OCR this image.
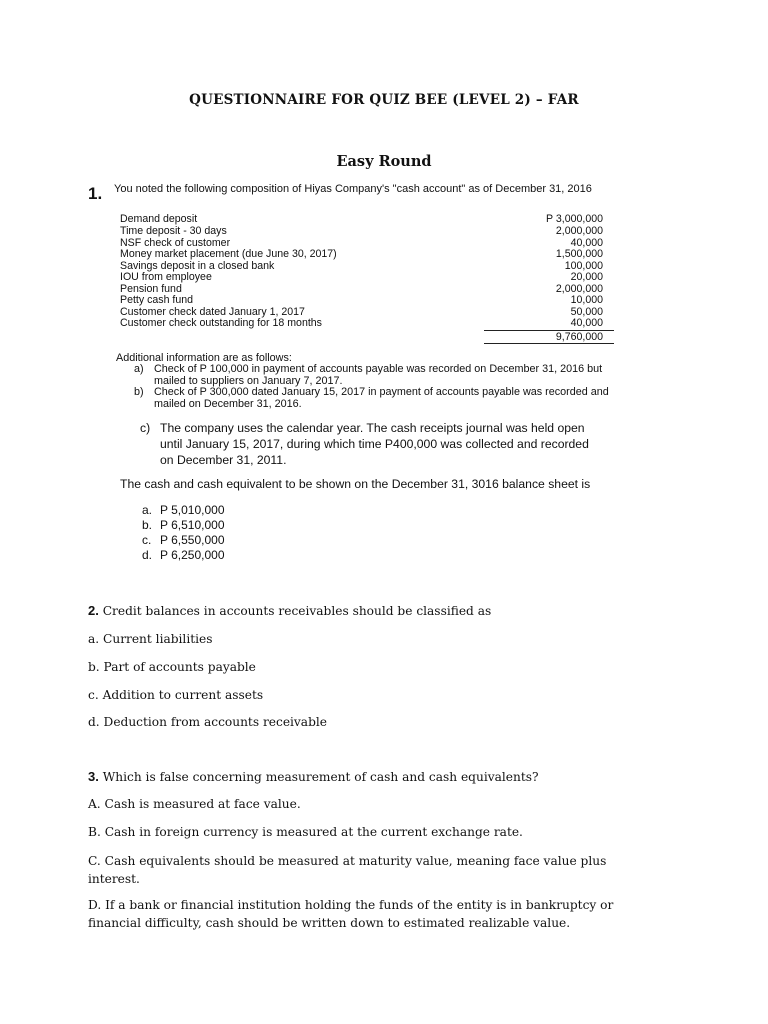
QUESTIONNAIRE FOR QUIZ BEE (LEVEL 2) – FAR
Easy Round
1. You noted the following composition of Hiyas Company's "cash account" as of December 31, 2016
Demand deposit	P 3,000,000
Time deposit - 30 days	2,000,000
NSF check of customer	40,000
Money market placement (due June 30, 2017)	1,500,000
Savings deposit in a closed bank	100,000
IOU from employee	20,000
Pension fund	2,000,000
Petty cash fund	10,000
Customer check dated January 1, 2017	50,000
Customer check outstanding for 18 months	40,000
9,760,000
Additional information are as follows:
a) Check of P 100,000 in payment of accounts payable was recorded on December 31, 2016 but mailed to suppliers on January 7, 2017.
b) Check of P 300,000 dated January 15, 2017 in payment of accounts payable was recorded and mailed on December 31, 2016.
c) The company uses the calendar year. The cash receipts journal was held open until January 15, 2017, during which time P400,000 was collected and recorded on December 31, 2011.
The cash and cash equivalent to be shown on the December 31, 3016 balance sheet is
a. P 5,010,000
b. P 6,510,000
c. P 6,550,000
d. P 6,250,000
2. Credit balances in accounts receivables should be classified as
a. Current liabilities
b. Part of accounts payable
c. Addition to current assets
d. Deduction from accounts receivable
3. Which is false concerning measurement of cash and cash equivalents?
A. Cash is measured at face value.
B. Cash in foreign currency is measured at the current exchange rate.
C. Cash equivalents should be measured at maturity value, meaning face value plus interest.
D. If a bank or financial institution holding the funds of the entity is in bankruptcy or financial difficulty, cash should be written down to estimated realizable value.
